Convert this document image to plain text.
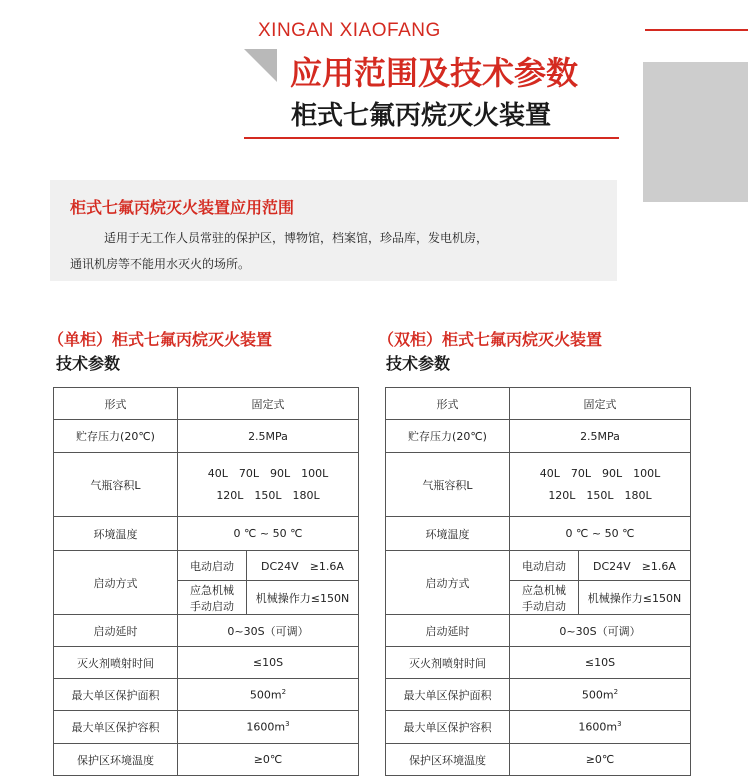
XINGAN XIAOFANG
应用范围及技术参数
柜式七氟丙烷灭火装置
柜式七氟丙烷灭火装置应用范围
适用于无工作人员常驻的保护区，博物馆，档案馆，珍品库，发电机房，
通讯机房等不能用水灭火的场所。
（单柜）柜式七氟丙烷灭火装置
技术参数
（双柜）柜式七氟丙烷灭火装置
技术参数
形式	固定式	
贮存压力(20℃)	2.5MPa	
气瓶容积L	40L　70L　90L　100L
120L　150L　180L	

环境温度	0 ℃ ~ 50 ℃	
启动方式	电动启动	DC24V　≥1.6A

	应急机械
手动启动	机械操作力≤150N
启动延时	0~30S（可调）	
灭火剂喷射时间	≤10S	
最大单区保护面积	$500m^2$
最大单区保护容积	$1600m^3$
保护区环境温度	≥0℃	
形式	固定式	
贮存压力(20℃)	2.5MPa	
气瓶容积L	40L　70L　90L　100L
120L　150L　180L	

环境温度	0 ℃ ~ 50 ℃	
启动方式	电动启动	DC24V　≥1.6A

	应急机械
手动启动	机械操作力≤150N
启动延时	0~30S（可调）	
灭火剂喷射时间	≤10S	
最大单区保护面积	$500m^2$
最大单区保护容积	$1600m^3$
保护区环境温度	≥0℃	
